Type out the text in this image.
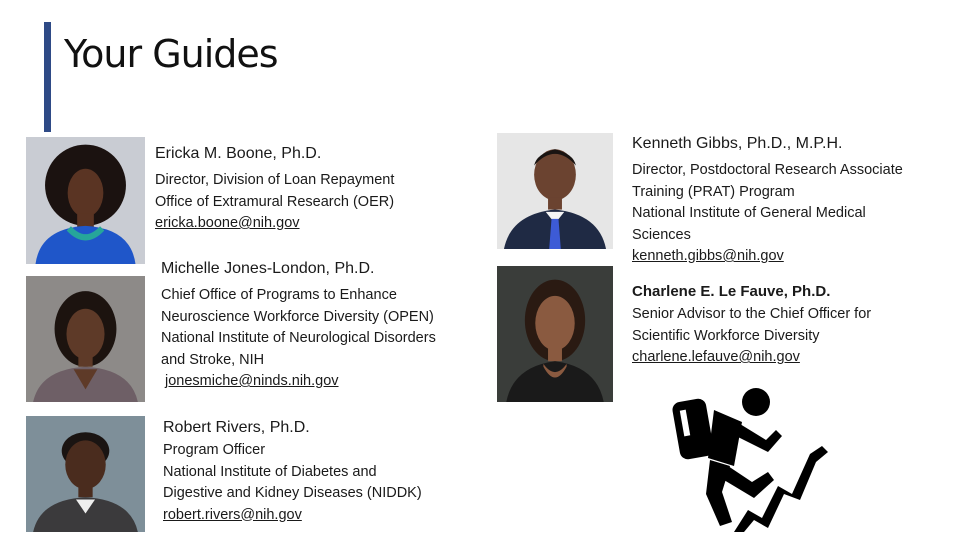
Your Guides
Ericka M. Boone, Ph.D.
Director, Division of Loan Repayment
Office of Extramural Research (OER)
ericka.boone@nih.gov
Michelle Jones-London, Ph.D.
Chief Office of Programs to Enhance
Neuroscience Workforce Diversity (OPEN)
National Institute of Neurological Disorders
and Stroke, NIH
jonesmiche@ninds.nih.gov
Robert Rivers, Ph.D.
Program Officer
National Institute of Diabetes and
Digestive and Kidney Diseases (NIDDK)
robert.rivers@nih.gov
Kenneth Gibbs, Ph.D., M.P.H.
Director, Postdoctoral Research Associate
Training (PRAT) Program
National Institute of General Medical
Sciences
kenneth.gibbs@nih.gov
Charlene E. Le Fauve, Ph.D.
Senior Advisor to the Chief Officer for
Scientific Workforce Diversity
charlene.lefauve@nih.gov
